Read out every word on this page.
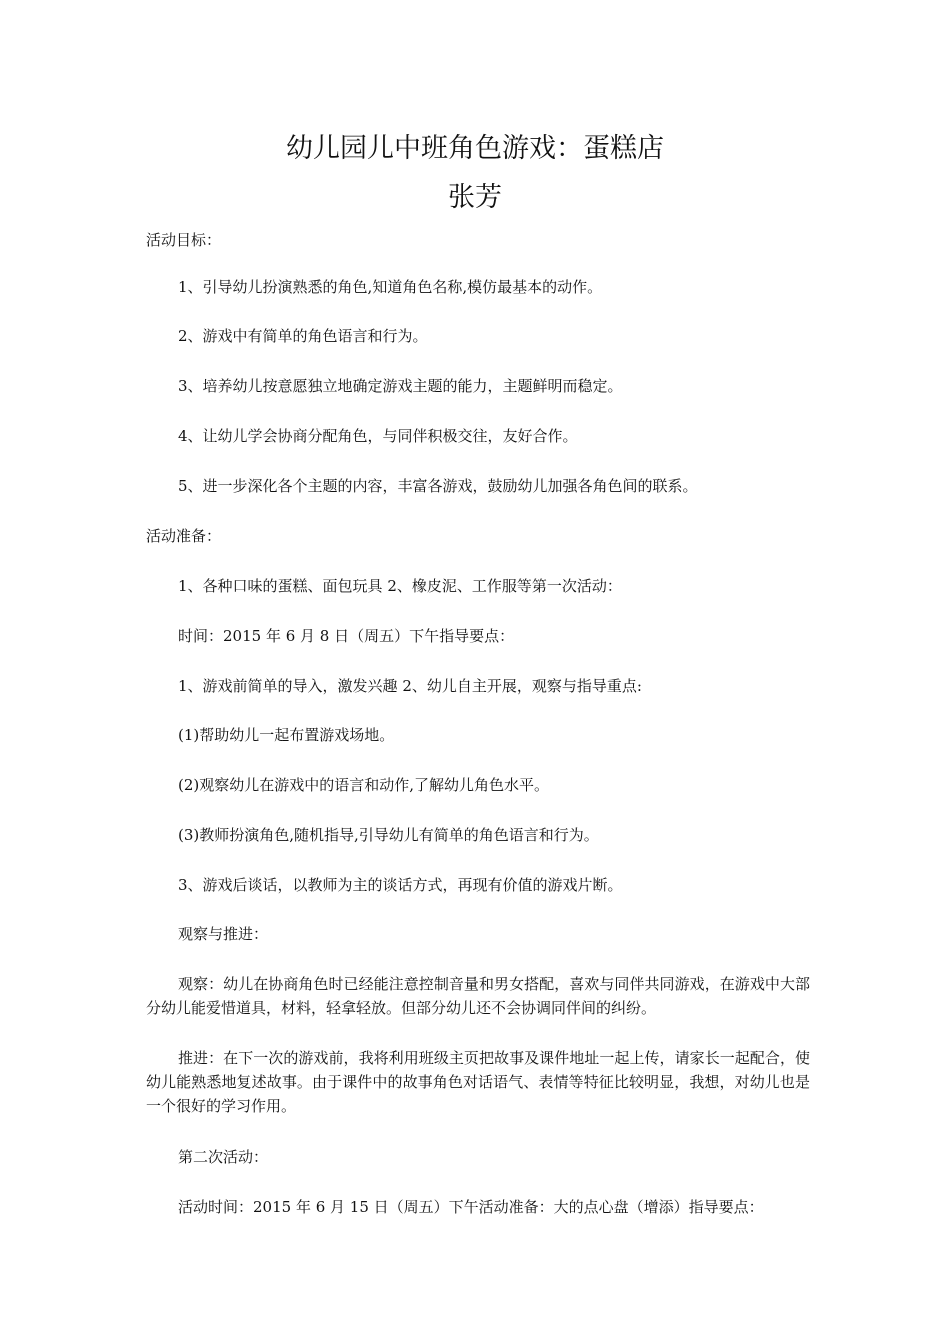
幼儿园儿中班角色游戏：蛋糕店
张芳

活动目标：

1、引导幼儿扮演熟悉的角色,知道角色名称,模仿最基本的动作。

2、游戏中有简单的角色语言和行为。

3、培养幼儿按意愿独立地确定游戏主题的能力，主题鲜明而稳定。

4、让幼儿学会协商分配角色，与同伴积极交往，友好合作。

5、进一步深化各个主题的内容，丰富各游戏，鼓励幼儿加强各角色间的联系。

活动准备：

1、各种口味的蛋糕、面包玩具 2、橡皮泥、工作服等第一次活动：

时间：2015 年 6 月 8 日（周五）下午指导要点：

1、游戏前简单的导入，激发兴趣 2、幼儿自主开展，观察与指导重点:

(1)帮助幼儿一起布置游戏场地。

(2)观察幼儿在游戏中的语言和动作,了解幼儿角色水平。

(3)教师扮演角色,随机指导,引导幼儿有简单的角色语言和行为。

3、游戏后谈话，以教师为主的谈话方式，再现有价值的游戏片断。

观察与推进：

观察：幼儿在协商角色时已经能注意控制音量和男女搭配，喜欢与同伴共同游戏，在游戏中大部分幼儿能爱惜道具，材料，轻拿轻放。但部分幼儿还不会协调同伴间的纠纷。

推进：在下一次的游戏前，我将利用班级主页把故事及课件地址一起上传，请家长一起配合，使幼儿能熟悉地复述故事。由于课件中的故事角色对话语气、表情等特征比较明显，我想，对幼儿也是一个很好的学习作用。

第二次活动：

活动时间：2015 年 6 月 15 日（周五）下午活动准备：大的点心盘（增添）指导要点：
